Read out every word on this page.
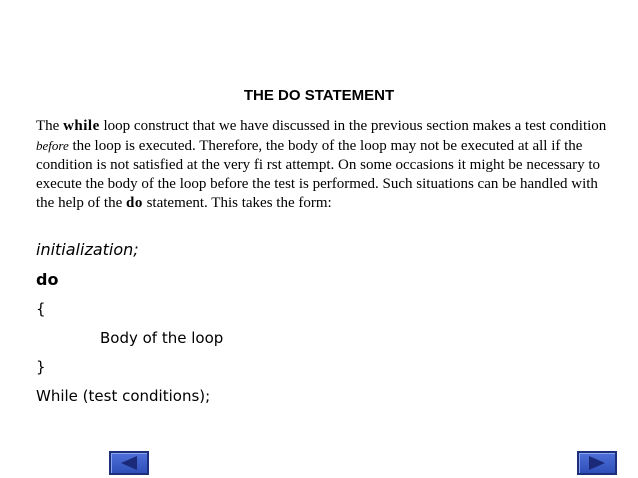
THE DO STATEMENT
The while loop construct that we have discussed in the previous section makes a test condition before the loop is executed. Therefore, the body of the loop may not be executed at all if the condition is not satisfied at the very fi rst attempt. On some occasions it might be necessary to execute the body of the loop before the test is performed. Such situations can be handled with the help of the do statement. This takes the form:
initialization;
do
{
Body of the loop
}
While (test conditions);
